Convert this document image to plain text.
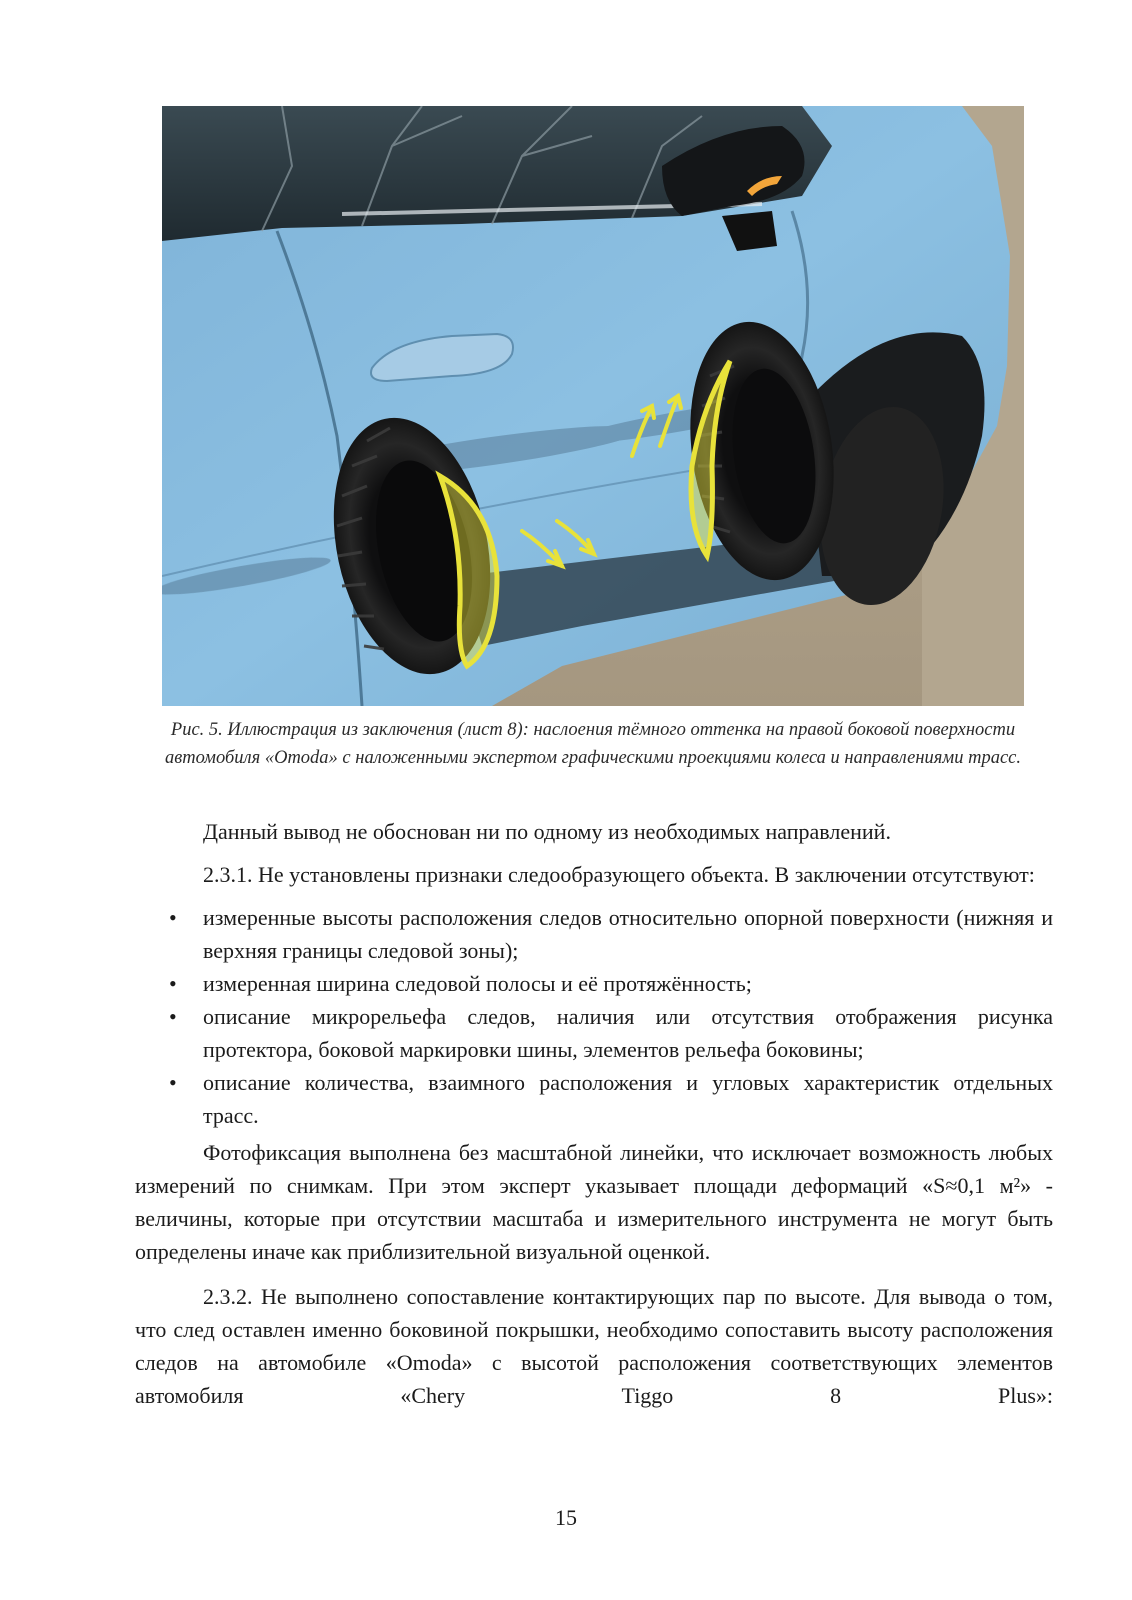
Рис. 5. Иллюстрация из заключения (лист 8): наслоения тёмного оттенка на правой боковой поверхности автомобиля «Omoda» с наложенными экспертом графическими проекциями колеса и направлениями трасс.

Данный вывод не обоснован ни по одному из необходимых направлений.

2.3.1. Не установлены признаки следообразующего объекта. В заключении отсутствуют:

• измеренные высоты расположения следов относительно опорной поверхности (нижняя и верхняя границы следовой зоны);
• измеренная ширина следовой полосы и её протяжённость;
• описание микрорельефа следов, наличия или отсутствия отображения рисунка протектора, боковой маркировки шины, элементов рельефа боковины;
• описание количества, взаимного расположения и угловых характеристик отдельных трасс.

Фотофиксация выполнена без масштабной линейки, что исключает возможность любых измерений по снимкам. При этом эксперт указывает площади деформаций «S≈0,1 м²» - величины, которые при отсутствии масштаба и измерительного инструмента не могут быть определены иначе как приблизительной визуальной оценкой.

2.3.2. Не выполнено сопоставление контактирующих пар по высоте. Для вывода о том, что след оставлен именно боковиной покрышки, необходимо сопоставить высоту расположения следов на автомобиле «Omoda» с высотой расположения соответствующих элементов автомобиля «Chery Tiggo 8 Plus»:

15
